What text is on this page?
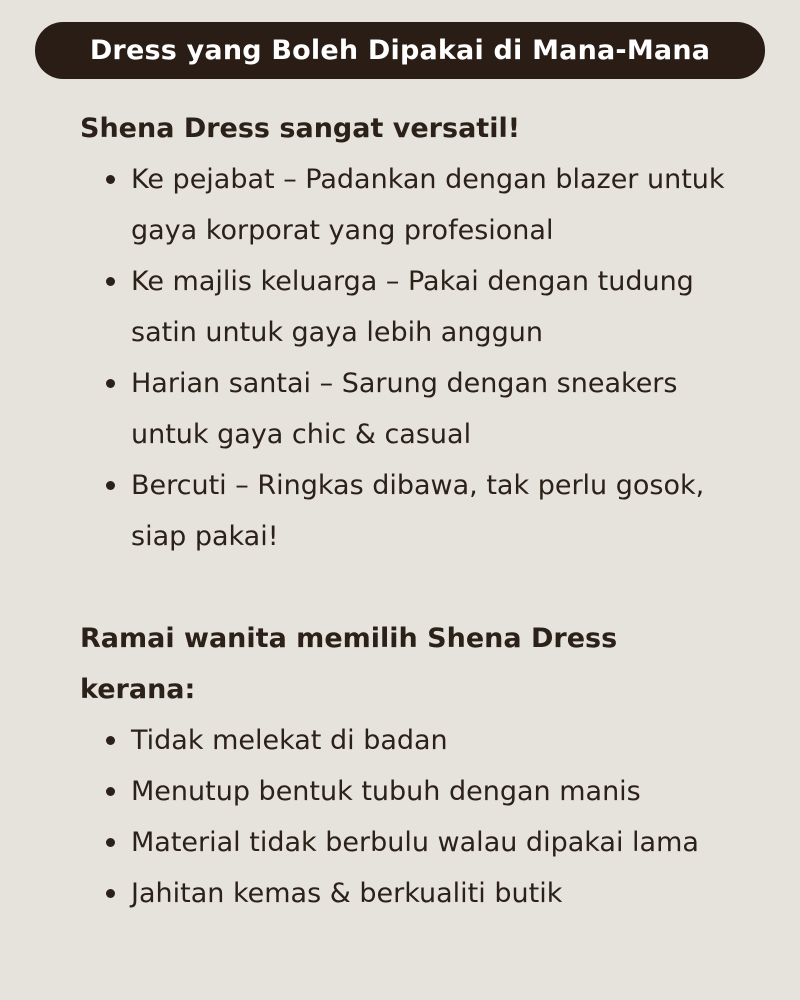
Dress yang Boleh Dipakai di Mana-Mana

Shena Dress sangat versatil!

Ke pejabat – Padankan dengan blazer untuk gaya korporat yang profesional
Ke majlis keluarga – Pakai dengan tudung satin untuk gaya lebih anggun
Harian santai – Sarung dengan sneakers untuk gaya chic & casual
Bercuti – Ringkas dibawa, tak perlu gosok, siap pakai!

Ramai wanita memilih Shena Dress kerana:

Tidak melekat di badan
Menutup bentuk tubuh dengan manis
Material tidak berbulu walau dipakai lama
Jahitan kemas & berkualiti butik
